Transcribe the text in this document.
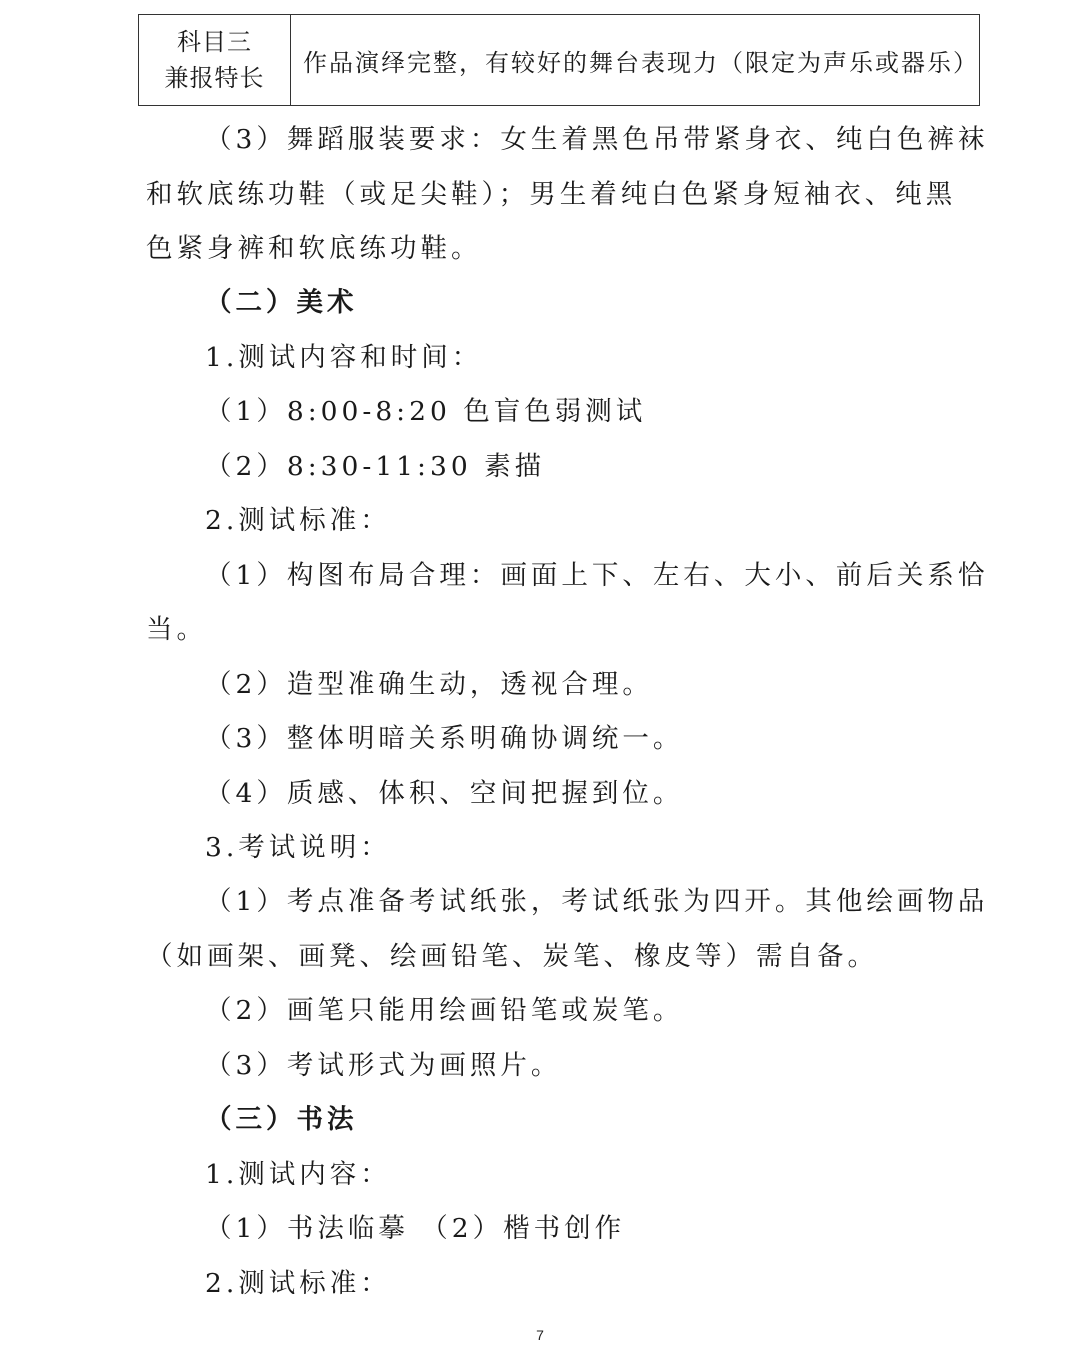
科目三
兼报特长
	作品演绎完整，有较好的舞台表现力（限定为声乐或器乐）
（3）舞蹈服装要求：女生着黑色吊带紧身衣、纯白色裤袜
和软底练功鞋（或足尖鞋）；男生着纯白色紧身短袖衣、纯黑
色紧身裤和软底练功鞋。
（二）美术
1.测试内容和时间：
（1）8:00-8:20 色盲色弱测试
（2）8:30-11:30 素描
2.测试标准：
（1）构图布局合理：画面上下、左右、大小、前后关系恰
当。
（2）造型准确生动，透视合理。
（3）整体明暗关系明确协调统一。
（4）质感、体积、空间把握到位。
3.考试说明：
（1）考点准备考试纸张，考试纸张为四开。其他绘画物品
（如画架、画凳、绘画铅笔、炭笔、橡皮等）需自备。
（2）画笔只能用绘画铅笔或炭笔。
（3）考试形式为画照片。
（三）书法
1.测试内容：
（1）书法临摹 （2）楷书创作
2.测试标准：
7
